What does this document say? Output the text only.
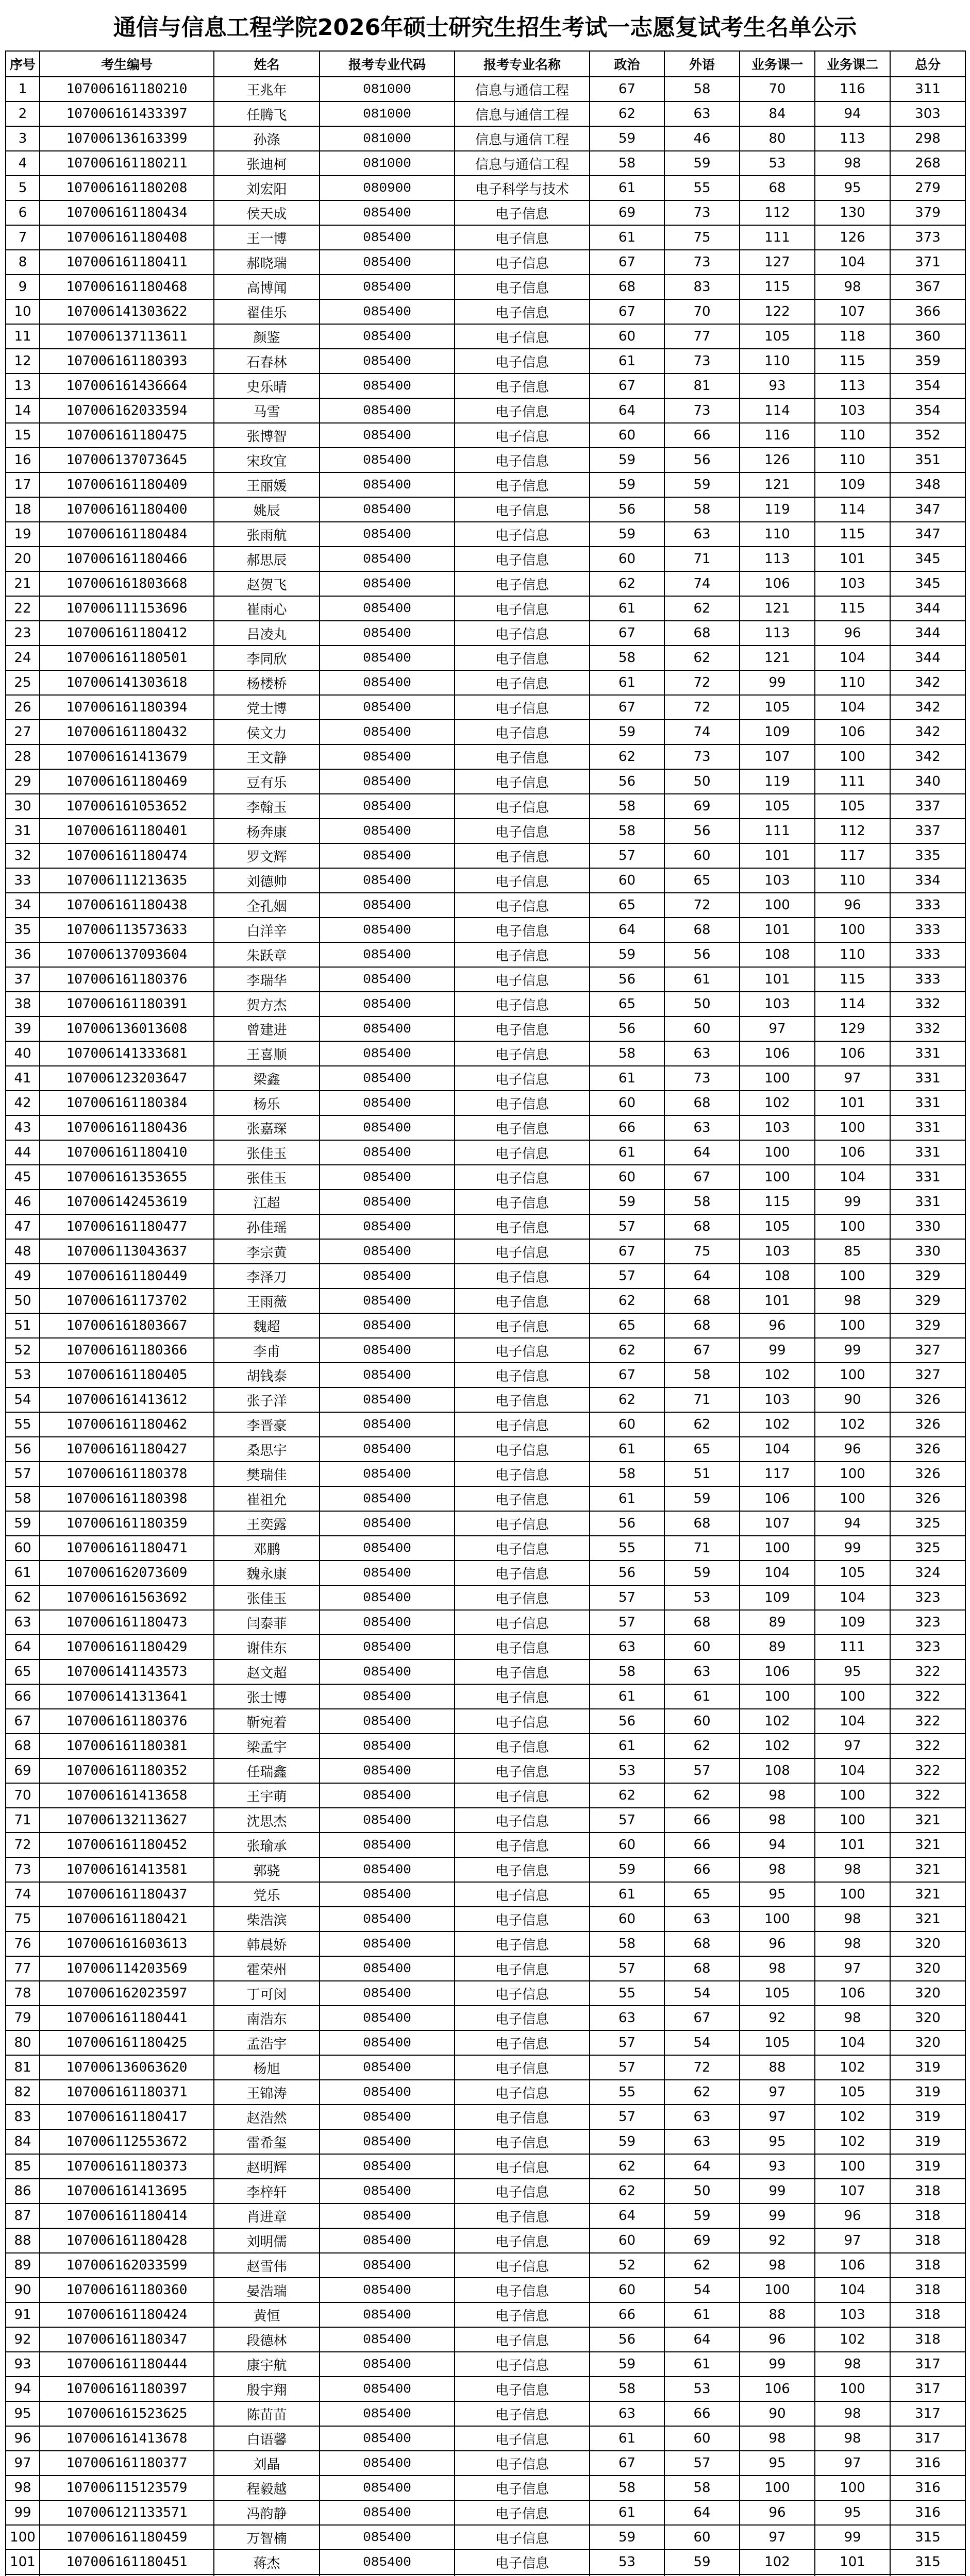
通信与信息工程学院2026年硕士研究生招生考试一志愿复试考生名单公示
序号	考生编号	姓名	报考专业代码	报考专业名称	政治	外语	业务课一	业务课二	总分
1	107006161180210	王兆年	081000	信息与通信工程	67	58	70	116	311
2	107006161433397	任腾飞	081000	信息与通信工程	62	63	84	94	303
3	107006136163399	孙涤	081000	信息与通信工程	59	46	80	113	298
4	107006161180211	张迪柯	081000	信息与通信工程	58	59	53	98	268
5	107006161180208	刘宏阳	080900	电子科学与技术	61	55	68	95	279
6	107006161180434	侯天成	085400	电子信息	69	73	112	130	379
7	107006161180408	王一博	085400	电子信息	61	75	111	126	373
8	107006161180411	郝晓瑞	085400	电子信息	67	73	127	104	371
9	107006161180468	高博闻	085400	电子信息	68	83	115	98	367
10	107006141303622	翟佳乐	085400	电子信息	67	70	122	107	366
11	107006137113611	颜鉴	085400	电子信息	60	77	105	118	360
12	107006161180393	石春林	085400	电子信息	61	73	110	115	359
13	107006161436664	史乐晴	085400	电子信息	67	81	93	113	354
14	107006162033594	马雪	085400	电子信息	64	73	114	103	354
15	107006161180475	张博智	085400	电子信息	60	66	116	110	352
16	107006137073645	宋玫宜	085400	电子信息	59	56	126	110	351
17	107006161180409	王丽媛	085400	电子信息	59	59	121	109	348
18	107006161180400	姚辰	085400	电子信息	56	58	119	114	347
19	107006161180484	张雨航	085400	电子信息	59	63	110	115	347
20	107006161180466	郝思辰	085400	电子信息	60	71	113	101	345
21	107006161803668	赵贺飞	085400	电子信息	62	74	106	103	345
22	107006111153696	崔雨心	085400	电子信息	61	62	121	115	344
23	107006161180412	吕凌丸	085400	电子信息	67	68	113	96	344
24	107006161180501	李同欣	085400	电子信息	58	62	121	104	344
25	107006141303618	杨楼桥	085400	电子信息	61	72	99	110	342
26	107006161180394	党士博	085400	电子信息	67	72	105	104	342
27	107006161180432	侯文力	085400	电子信息	59	74	109	106	342
28	107006161413679	王文静	085400	电子信息	62	73	107	100	342
29	107006161180469	豆有乐	085400	电子信息	56	50	119	111	340
30	107006161053652	李翰玉	085400	电子信息	58	69	105	105	337
31	107006161180401	杨奔康	085400	电子信息	58	56	111	112	337
32	107006161180474	罗文辉	085400	电子信息	57	60	101	117	335
33	107006111213635	刘德帅	085400	电子信息	60	65	103	110	334
34	107006161180438	全孔姻	085400	电子信息	65	72	100	96	333
35	107006113573633	白洋辛	085400	电子信息	64	68	101	100	333
36	107006137093604	朱跃章	085400	电子信息	59	56	108	110	333
37	107006161180376	李瑞华	085400	电子信息	56	61	101	115	333
38	107006161180391	贺方杰	085400	电子信息	65	50	103	114	332
39	107006136013608	曾建进	085400	电子信息	56	60	97	129	332
40	107006141333681	王喜顺	085400	电子信息	58	63	106	106	331
41	107006123203647	梁鑫	085400	电子信息	61	73	100	97	331
42	107006161180384	杨乐	085400	电子信息	60	68	102	101	331
43	107006161180436	张嘉琛	085400	电子信息	66	63	103	100	331
44	107006161180410	张佳玉	085400	电子信息	61	64	100	106	331
45	107006161353655	张佳玉	085400	电子信息	60	67	100	104	331
46	107006142453619	江超	085400	电子信息	59	58	115	99	331
47	107006161180477	孙佳瑶	085400	电子信息	57	68	105	100	330
48	107006113043637	李宗黄	085400	电子信息	67	75	103	85	330
49	107006161180449	李泽刀	085400	电子信息	57	64	108	100	329
50	107006161173702	王雨薇	085400	电子信息	62	68	101	98	329
51	107006161803667	魏超	085400	电子信息	65	68	96	100	329
52	107006161180366	李甫	085400	电子信息	62	67	99	99	327
53	107006161180405	胡钱泰	085400	电子信息	67	58	102	100	327
54	107006161413612	张子洋	085400	电子信息	62	71	103	90	326
55	107006161180462	李晋豪	085400	电子信息	60	62	102	102	326
56	107006161180427	桑思宇	085400	电子信息	61	65	104	96	326
57	107006161180378	樊瑞佳	085400	电子信息	58	51	117	100	326
58	107006161180398	崔祖允	085400	电子信息	61	59	106	100	326
59	107006161180359	王奕露	085400	电子信息	56	68	107	94	325
60	107006161180471	邓鹏	085400	电子信息	55	71	100	99	325
61	107006162073609	魏永康	085400	电子信息	56	59	104	105	324
62	107006161563692	张佳玉	085400	电子信息	57	53	109	104	323
63	107006161180473	闫泰菲	085400	电子信息	57	68	89	109	323
64	107006161180429	谢佳东	085400	电子信息	63	60	89	111	323
65	107006141143573	赵文超	085400	电子信息	58	63	106	95	322
66	107006141313641	张士博	085400	电子信息	61	61	100	100	322
67	107006161180376	靳宛着	085400	电子信息	56	60	102	104	322
68	107006161180381	梁孟宇	085400	电子信息	61	62	102	97	322
69	107006161180352	任瑞鑫	085400	电子信息	53	57	108	104	322
70	107006161413658	王宇萌	085400	电子信息	62	62	98	100	322
71	107006132113627	沈思杰	085400	电子信息	57	66	98	100	321
72	107006161180452	张瑜承	085400	电子信息	60	66	94	101	321
73	107006161413581	郭骁	085400	电子信息	59	66	98	98	321
74	107006161180437	党乐	085400	电子信息	61	65	95	100	321
75	107006161180421	柴浩滨	085400	电子信息	60	63	100	98	321
76	107006161603613	韩晨娇	085400	电子信息	58	68	96	98	320
77	107006114203569	霍荣州	085400	电子信息	57	68	98	97	320
78	107006162023597	丁可闵	085400	电子信息	55	54	105	106	320
79	107006161180441	南浩东	085400	电子信息	63	67	92	98	320
80	107006161180425	孟浩宇	085400	电子信息	57	54	105	104	320
81	107006136063620	杨旭	085400	电子信息	57	72	88	102	319
82	107006161180371	王锦涛	085400	电子信息	55	62	97	105	319
83	107006161180417	赵浩然	085400	电子信息	57	63	97	102	319
84	107006112553672	雷希玺	085400	电子信息	59	63	95	102	319
85	107006161180373	赵明辉	085400	电子信息	62	64	93	100	319
86	107006161413695	李梓轩	085400	电子信息	62	50	99	107	318
87	107006161180414	肖进章	085400	电子信息	64	59	99	96	318
88	107006161180428	刘明儒	085400	电子信息	60	69	92	97	318
89	107006162033599	赵雪伟	085400	电子信息	52	62	98	106	318
90	107006161180360	晏浩瑞	085400	电子信息	60	54	100	104	318
91	107006161180424	黄恒	085400	电子信息	66	61	88	103	318
92	107006161180347	段德林	085400	电子信息	56	64	96	102	318
93	107006161180444	康宇航	085400	电子信息	59	61	99	98	317
94	107006161180397	殷宇翔	085400	电子信息	58	53	106	100	317
95	107006161523625	陈苗苗	085400	电子信息	63	66	90	98	317
96	107006161413678	白语馨	085400	电子信息	61	60	98	98	317
97	107006161180377	刘晶	085400	电子信息	67	57	95	97	316
98	107006115123579	程毅越	085400	电子信息	58	58	100	100	316
99	107006121133571	冯韵静	085400	电子信息	61	64	96	95	316
100	107006161180459	万智楠	085400	电子信息	59	60	97	99	315
101	107006161180451	蒋杰	085400	电子信息	53	59	102	101	315
